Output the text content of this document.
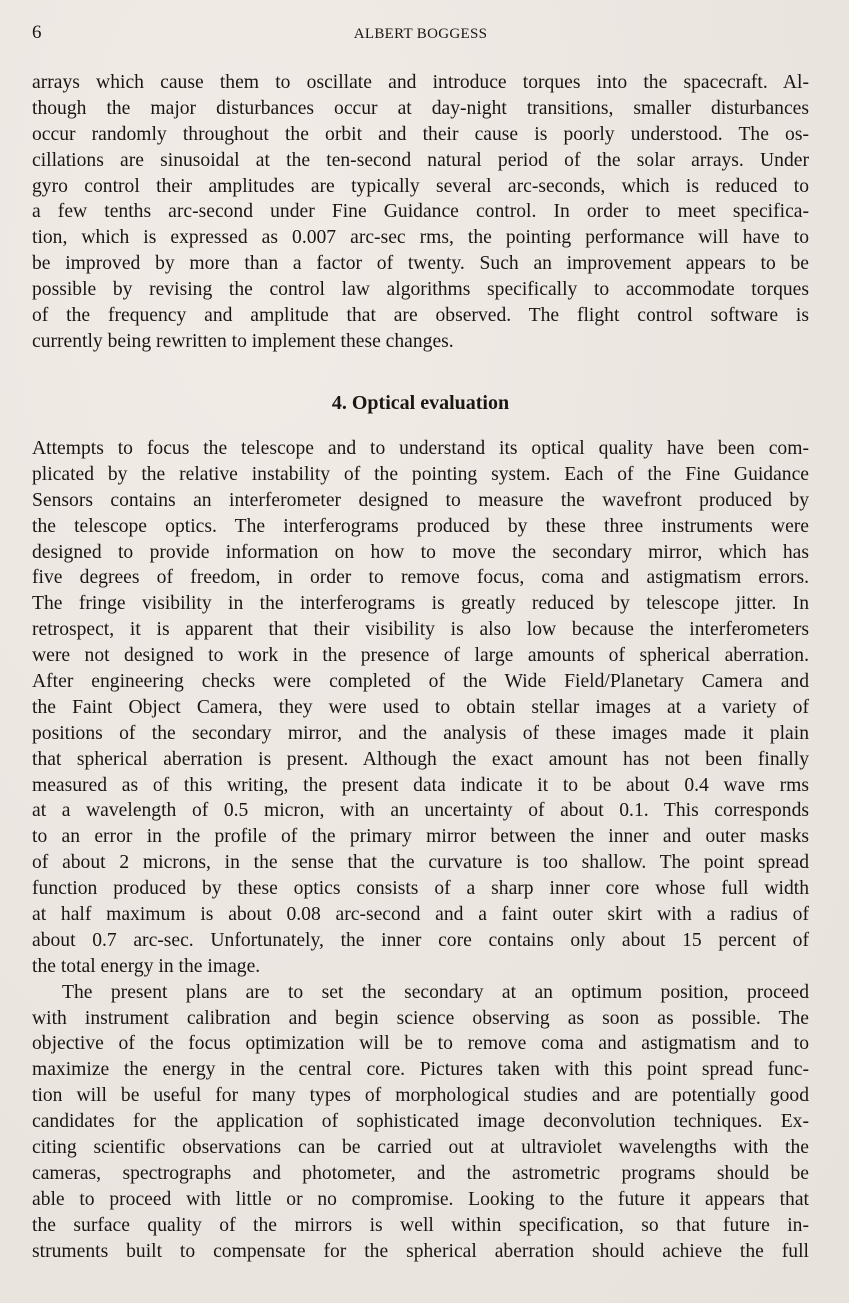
6	ALBERT BOGGESS
arrays which cause them to oscillate and introduce torques into the spacecraft. Al-
though the major disturbances occur at day-night transitions, smaller disturbances
occur randomly throughout the orbit and their cause is poorly understood. The os-
cillations are sinusoidal at the ten-second natural period of the solar arrays. Under
gyro control their amplitudes are typically several arc-seconds, which is reduced to
a few tenths arc-second under Fine Guidance control. In order to meet specifica-
tion, which is expressed as 0.007 arc-sec rms, the pointing performance will have to
be improved by more than a factor of twenty. Such an improvement appears to be
possible by revising the control law algorithms specifically to accommodate torques
of the frequency and amplitude that are observed. The flight control software is
currently being rewritten to implement these changes.
4. Optical evaluation
Attempts to focus the telescope and to understand its optical quality have been com-
plicated by the relative instability of the pointing system. Each of the Fine Guidance
Sensors contains an interferometer designed to measure the wavefront produced by
the telescope optics. The interferograms produced by these three instruments were
designed to provide information on how to move the secondary mirror, which has
five degrees of freedom, in order to remove focus, coma and astigmatism errors.
The fringe visibility in the interferograms is greatly reduced by telescope jitter. In
retrospect, it is apparent that their visibility is also low because the interferometers
were not designed to work in the presence of large amounts of spherical aberration.
After engineering checks were completed of the Wide Field/Planetary Camera and
the Faint Object Camera, they were used to obtain stellar images at a variety of
positions of the secondary mirror, and the analysis of these images made it plain
that spherical aberration is present. Although the exact amount has not been finally
measured as of this writing, the present data indicate it to be about 0.4 wave rms
at a wavelength of 0.5 micron, with an uncertainty of about 0.1. This corresponds
to an error in the profile of the primary mirror between the inner and outer masks
of about 2 microns, in the sense that the curvature is too shallow. The point spread
function produced by these optics consists of a sharp inner core whose full width
at half maximum is about 0.08 arc-second and a faint outer skirt with a radius of
about 0.7 arc-sec. Unfortunately, the inner core contains only about 15 percent of
the total energy in the image.
The present plans are to set the secondary at an optimum position, proceed
with instrument calibration and begin science observing as soon as possible. The
objective of the focus optimization will be to remove coma and astigmatism and to
maximize the energy in the central core. Pictures taken with this point spread func-
tion will be useful for many types of morphological studies and are potentially good
candidates for the application of sophisticated image deconvolution techniques. Ex-
citing scientific observations can be carried out at ultraviolet wavelengths with the
cameras, spectrographs and photometer, and the astrometric programs should be
able to proceed with little or no compromise. Looking to the future it appears that
the surface quality of the mirrors is well within specification, so that future in-
struments built to compensate for the spherical aberration should achieve the full
